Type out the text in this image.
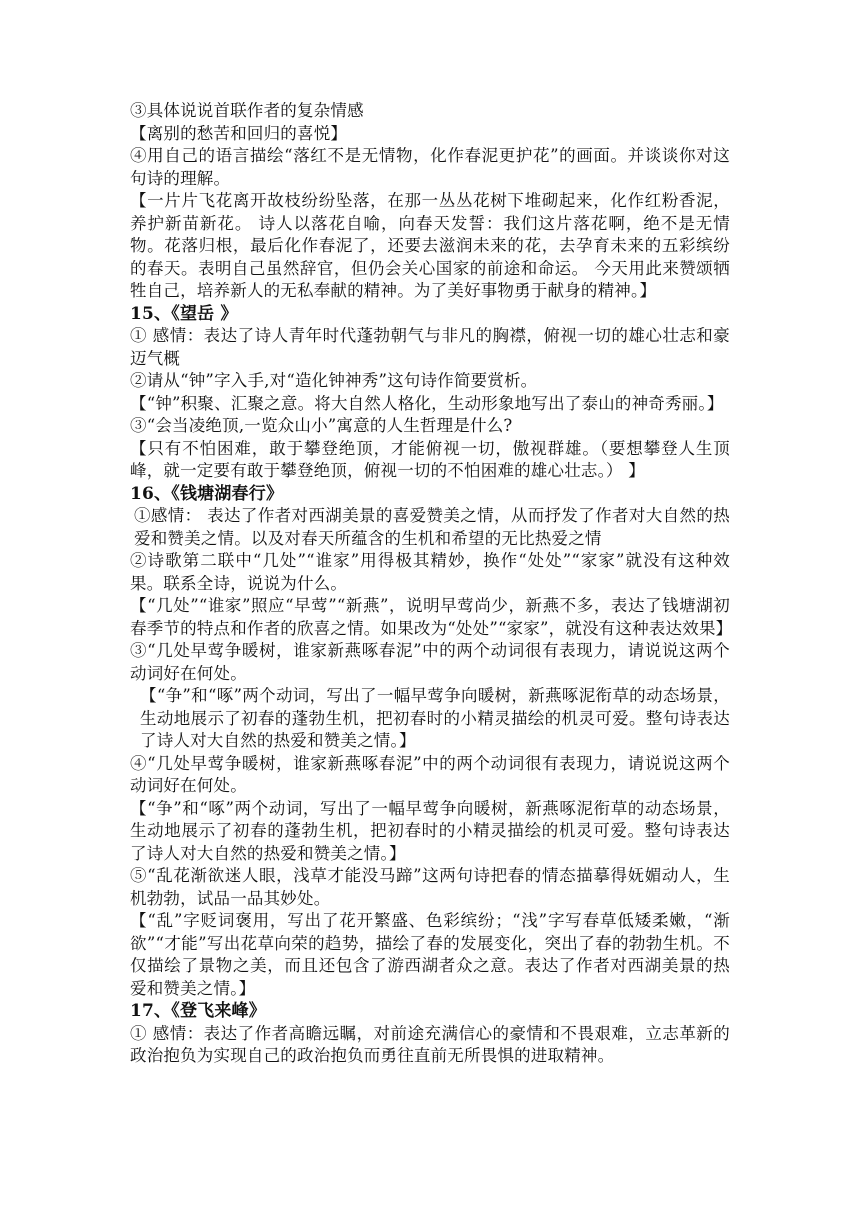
③具体说说首联作者的复杂情感

【离别的愁苦和回归的喜悦】

④用自己的语言描绘“落红不是无情物，化作春泥更护花”的画面。并谈谈你对这句诗的理解。

【一片片飞花离开故枝纷纷坠落，在那一丛丛花树下堆砌起来，化作红粉香泥，养护新苗新花。 诗人以落花自喻，向春天发誓：我们这片落花啊，绝不是无情物。花落归根，最后化作春泥了，还要去滋润未来的花，去孕育未来的五彩缤纷的春天。表明自己虽然辞官，但仍会关心国家的前途和命运。 今天用此来赞颂牺牲自己，培养新人的无私奉献的精神。为了美好事物勇于献身的精神。】

15、《望岳 》

① 感情：表达了诗人青年时代蓬勃朝气与非凡的胸襟，俯视一切的雄心壮志和豪迈气概

②请从“钟”字入手,对“造化钟神秀”这句诗作简要赏析。

【“钟”积聚、汇聚之意。将大自然人格化，生动形象地写出了泰山的神奇秀丽。】

③“会当凌绝顶,一览众山小”寓意的人生哲理是什么?

【只有不怕困难，敢于攀登绝顶，才能俯视一切，傲视群雄。（要想攀登人生顶峰，就一定要有敢于攀登绝顶，俯视一切的不怕困难的雄心壮志。） 】

16、《钱塘湖春行》

①感情： 表达了作者对西湖美景的喜爱赞美之情，从而抒发了作者对大自然的热爱和赞美之情。以及对春天所蕴含的生机和希望的无比热爱之情

②诗歌第二联中“几处”“谁家”用得极其精妙，换作“处处”“家家”就没有这种效果。联系全诗，说说为什么。

【“几处”“谁家”照应“早莺”“新燕”，说明早莺尚少，新燕不多，表达了钱塘湖初春季节的特点和作者的欣喜之情。如果改为“处处”“家家”，就没有这种表达效果】

③“几处早莺争暖树，谁家新燕啄春泥”中的两个动词很有表现力，请说说这两个动词好在何处。

【“争”和“啄”两个动词，写出了一幅早莺争向暖树，新燕啄泥衔草的动态场景，生动地展示了初春的蓬勃生机，把初春时的小精灵描绘的机灵可爱。整句诗表达了诗人对大自然的热爱和赞美之情。】

④“几处早莺争暖树，谁家新燕啄春泥”中的两个动词很有表现力，请说说这两个动词好在何处。

【“争”和“啄”两个动词，写出了一幅早莺争向暖树，新燕啄泥衔草的动态场景，生动地展示了初春的蓬勃生机，把初春时的小精灵描绘的机灵可爱。整句诗表达了诗人对大自然的热爱和赞美之情。】

⑤“乱花渐欲迷人眼，浅草才能没马蹄”这两句诗把春的情态描摹得妩媚动人，生机勃勃，试品一品其妙处。

【“乱”字贬词褒用，写出了花开繁盛、色彩缤纷；“浅”字写春草低矮柔嫩，“渐欲”“才能”写出花草向荣的趋势，描绘了春的发展变化，突出了春的勃勃生机。不仅描绘了景物之美，而且还包含了游西湖者众之意。表达了作者对西湖美景的热爱和赞美之情。】

17、《登飞来峰》

① 感情：表达了作者高瞻远瞩，对前途充满信心的豪情和不畏艰难，立志革新的政治抱负为实现自己的政治抱负而勇往直前无所畏惧的进取精神。
